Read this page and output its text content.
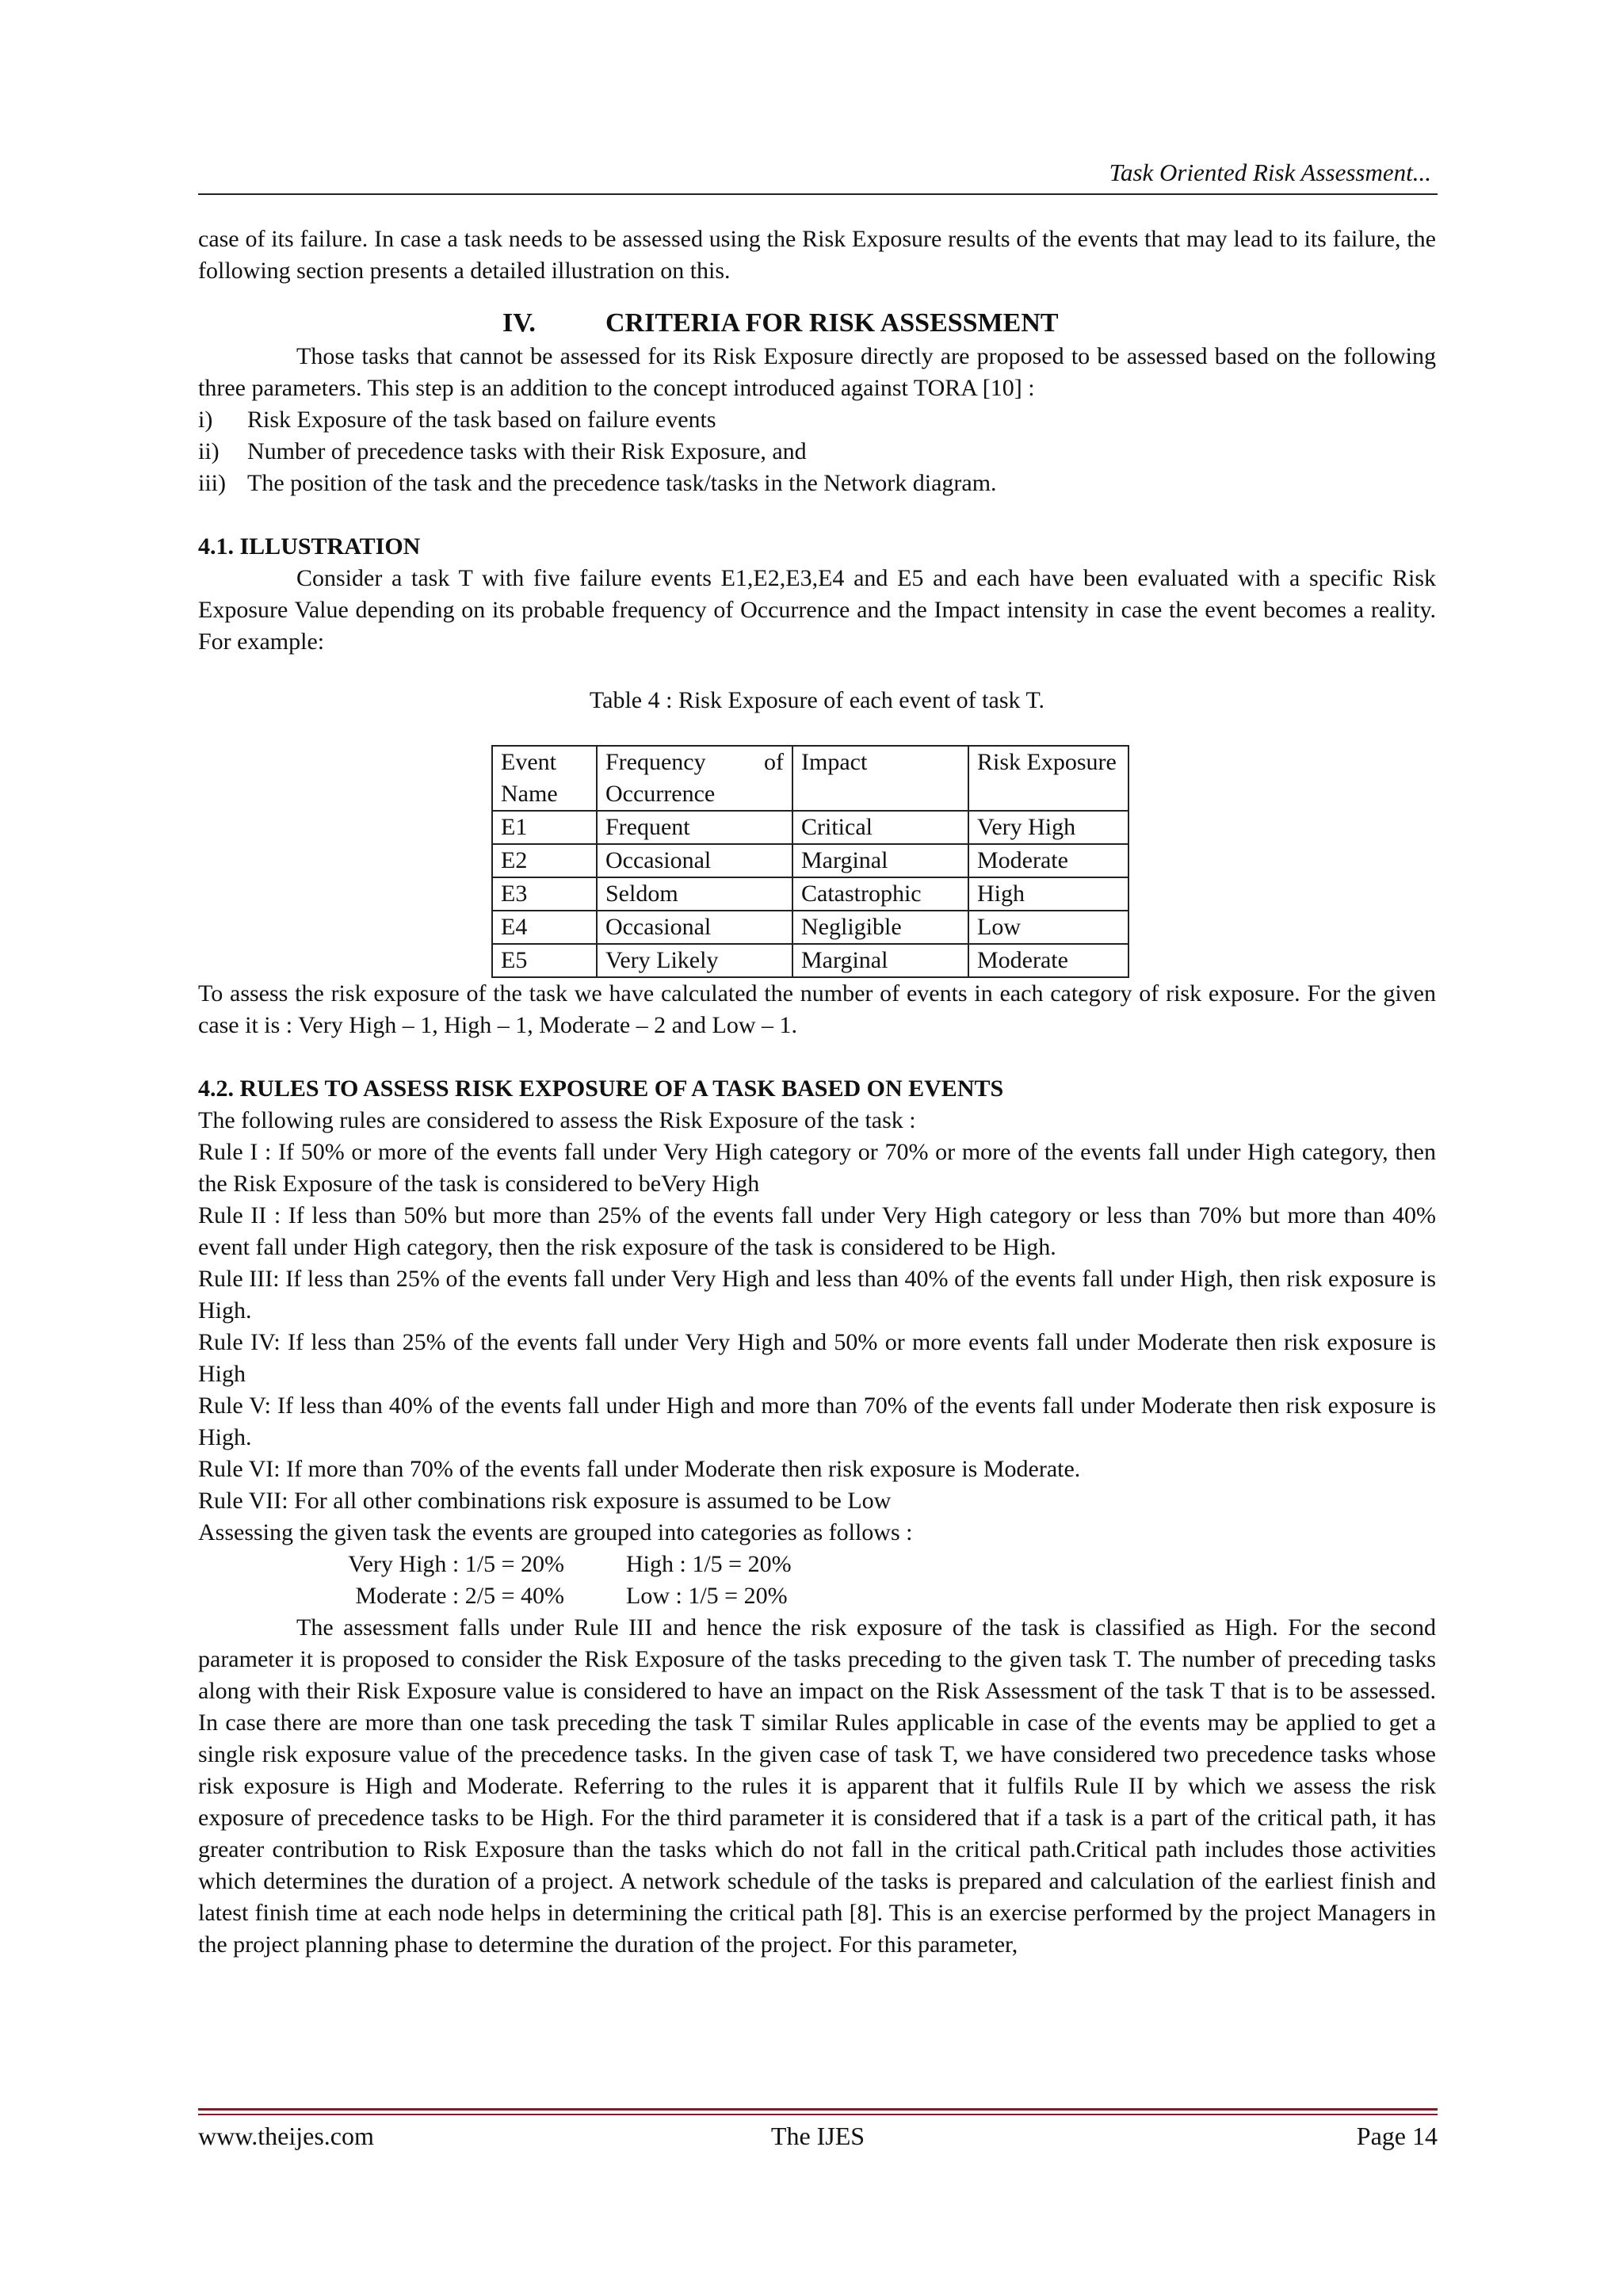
Task Oriented Risk Assessment...

case of its failure. In case a task needs to be assessed using the Risk Exposure results of the events that may lead to its failure, the following section presents a detailed illustration on this.

IV.	CRITERIA FOR RISK ASSESSMENT

Those tasks that cannot be assessed for its Risk Exposure directly are proposed to be assessed based on the following three parameters. This step is an addition to the concept introduced against TORA [10] :

i) Risk Exposure of the task based on failure events
ii) Number of precedence tasks with their Risk Exposure, and
iii) The position of the task and the precedence task/tasks in the Network diagram.
4.1. ILLUSTRATION

Consider a task T with five failure events E1,E2,E3,E4 and E5 and each have been evaluated with a specific Risk Exposure Value depending on its probable frequency of Occurrence and the Impact intensity in case the event becomes a reality. For example:

Table 4 : Risk Exposure of each event of task T.
Event Name	Frequency of Occurrence	Impact	Risk Exposure
E1	Frequent	Critical	Very High
E2	Occasional	Marginal	Moderate
E3	Seldom	Catastrophic	High
E4	Occasional	Negligible	Low
E5	Very Likely	Marginal	Moderate

To assess the risk exposure of the task we have calculated the number of events in each category of risk exposure. For the given case it is : Very High – 1, High – 1, Moderate – 2 and Low – 1.

4.2. RULES TO ASSESS RISK EXPOSURE OF A TASK BASED ON EVENTS

The following rules are considered to assess the Risk Exposure of the task :

Rule I : If 50% or more of the events fall under Very High category or 70% or more of the events fall under High category, then the Risk Exposure of the task is considered to beVery High

Rule II : If less than 50% but more than 25% of the events fall under Very High category or less than 70% but more than 40% event fall under High category, then the risk exposure of the task is considered to be High.

Rule III: If less than 25% of the events fall under Very High and less than 40% of the events fall under High, then risk exposure is High.

Rule IV: If less than 25% of the events fall under Very High and 50% or more events fall under Moderate then risk exposure is High

Rule V: If less than 40% of the events fall under High and more than 70% of the events fall under Moderate then risk exposure is High.

Rule VI: If more than 70% of the events fall under Moderate then risk exposure is Moderate.

Rule VII: For all other combinations risk exposure is assumed to be Low

Assessing the given task the events are grouped into categories as follows :

Very High : 1/5 = 20%	High : 1/5 = 20%
Moderate : 2/5 = 40%	Low : 1/5 = 20%

The assessment falls under Rule III and hence the risk exposure of the task is classified as High. For the second parameter it is proposed to consider the Risk Exposure of the tasks preceding to the given task T. The number of preceding tasks along with their Risk Exposure value is considered to have an impact on the Risk Assessment of the task T that is to be assessed. In case there are more than one task preceding the task T similar Rules applicable in case of the events may be applied to get a single risk exposure value of the precedence tasks. In the given case of task T, we have considered two precedence tasks whose risk exposure is High and Moderate. Referring to the rules it is apparent that it fulfils Rule II by which we assess the risk exposure of precedence tasks to be High. For the third parameter it is considered that if a task is a part of the critical path, it has greater contribution to Risk Exposure than the tasks which do not fall in the critical path.Critical path includes those activities which determines the duration of a project. A network schedule of the tasks is prepared and calculation of the earliest finish and latest finish time at each node helps in determining the critical path [8]. This is an exercise performed by the project Managers in the project planning phase to determine the duration of the project. For this parameter,

www.theijes.com	The IJES	Page 14
